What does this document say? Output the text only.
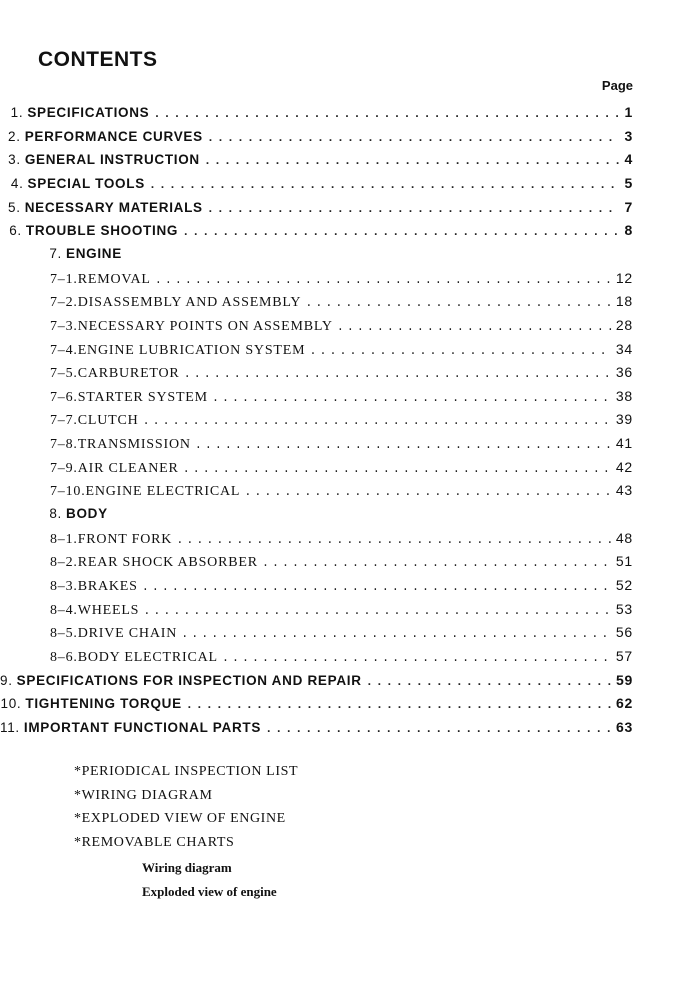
CONTENTS
Page
1. SPECIFICATIONS . . .	1
2. PERFORMANCE CURVES . . .	3
3. GENERAL INSTRUCTION . . .	4
4. SPECIAL TOOLS . . .	5
5. NECESSARY MATERIALS . . .	7
6. TROUBLE SHOOTING . . .	8
7. ENGINE
7–1. REMOVAL . . .	12
7–2. DISASSEMBLY AND ASSEMBLY . . .	18
7–3. NECESSARY POINTS ON ASSEMBLY . . .	28
7–4. ENGINE LUBRICATION SYSTEM . . .	34
7–5. CARBURETOR . . .	36
7–6. STARTER SYSTEM . . .	38
7–7. CLUTCH . . .	39
7–8. TRANSMISSION . . .	41
7–9. AIR CLEANER . . .	42
7–10. ENGINE ELECTRICAL . . .	43
8. BODY
8–1. FRONT FORK . . .	48
8–2. REAR SHOCK ABSORBER . . .	51
8–3. BRAKES . . .	52
8–4. WHEELS . . .	53
8–5. DRIVE CHAIN . . .	56
8–6. BODY ELECTRICAL . . .	57
9. SPECIFICATIONS FOR INSPECTION AND REPAIR . . .	59
10. TIGHTENING TORQUE . . .	62
11. IMPORTANT FUNCTIONAL PARTS . . .	63
*PERIODICAL INSPECTION LIST
*WIRING DIAGRAM
*EXPLODED VIEW OF ENGINE
*REMOVABLE CHARTS
Wiring diagram
Exploded view of engine
